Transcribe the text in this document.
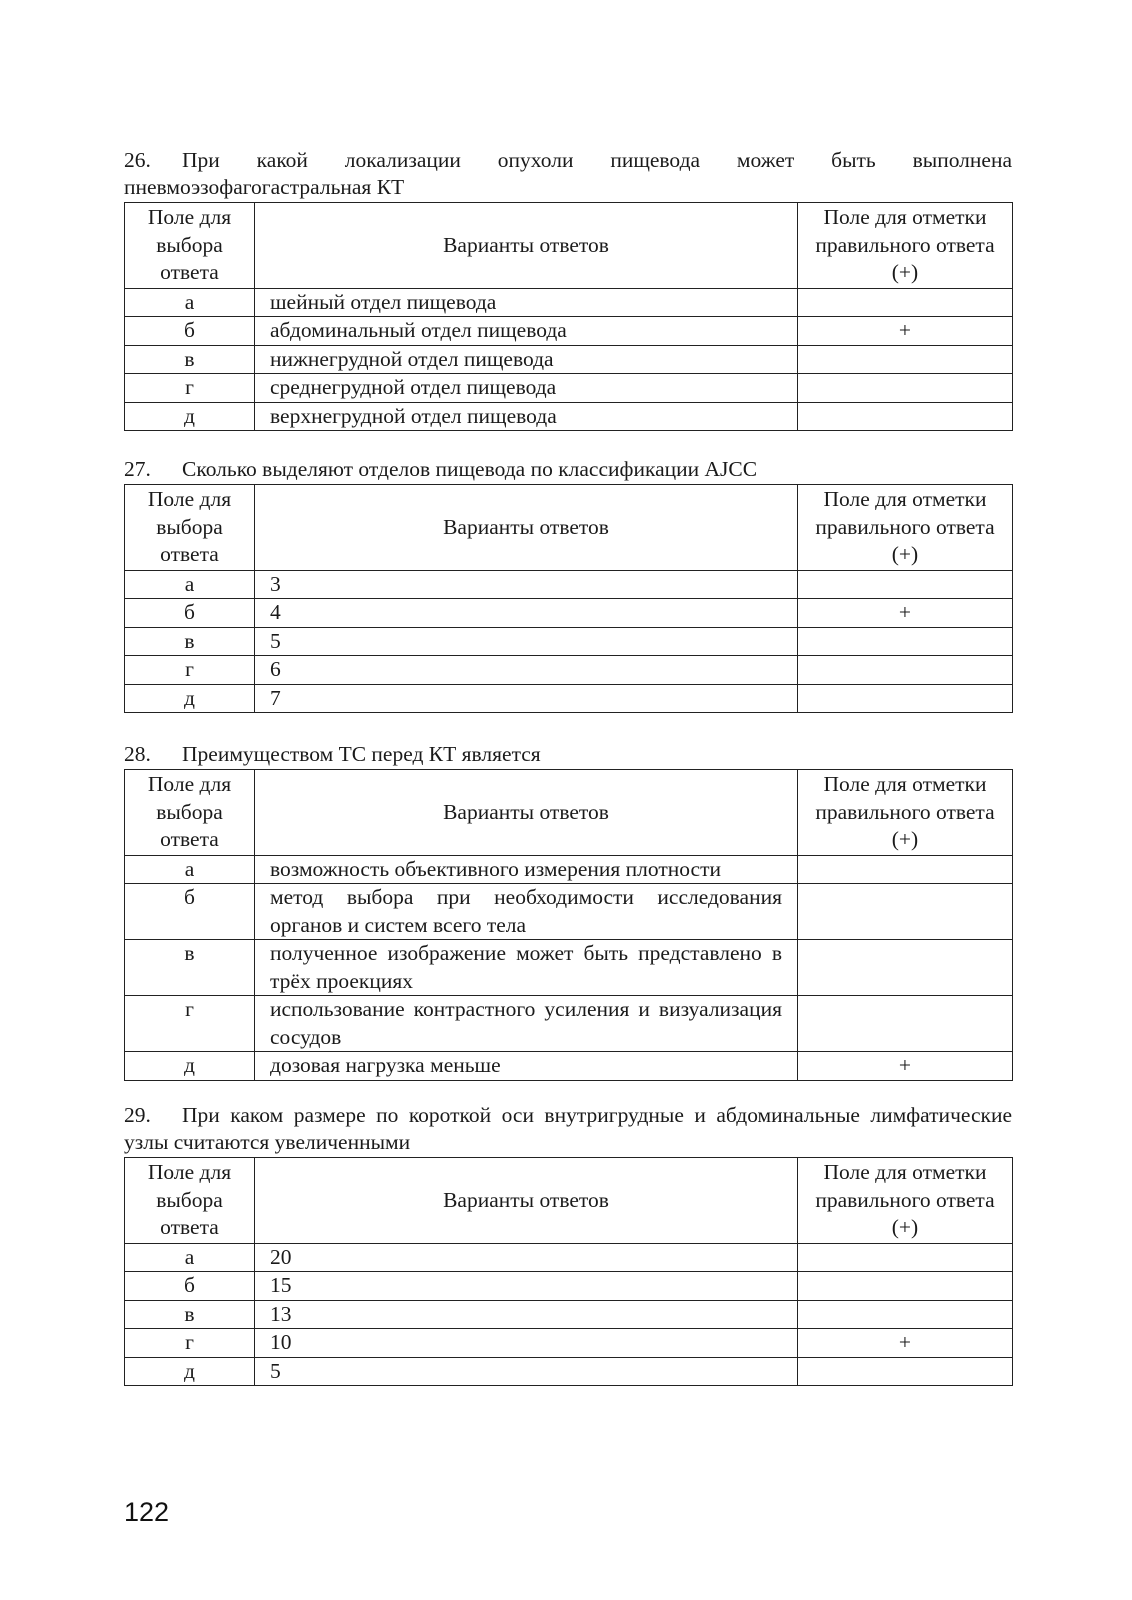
26. При какой локализации опухоли пищевода может быть выполнена пневмоэзофагогастральная КТ

Поле для выбора ответа	Варианты ответов	Поле для отметки правильного ответа (+)
а	шейный отдел пищевода	
б	абдоминальный отдел пищевода	+
в	нижнегрудной отдел пищевода	
г	среднегрудной отдел пищевода	
д	верхнегрудной отдел пищевода	

27. Сколько выделяют отделов пищевода по классификации AJCC

Поле для выбора ответа	Варианты ответов	Поле для отметки правильного ответа (+)
а	3	
б	4	+
в	5	
г	6	
д	7	

28. Преимуществом ТС перед КТ является

Поле для выбора ответа	Варианты ответов	Поле для отметки правильного ответа (+)
а	возможность объективного измерения плотности	
б	метод выбора при необходимости исследования органов и систем всего тела	
в	полученное изображение может быть представлено в трёх проекциях	
г	использование контрастного усиления и визуализация сосудов	
д	дозовая нагрузка меньше	+

29. При каком размере по короткой оси внутригрудные и абдоминальные лимфатические узлы считаются увеличенными

Поле для выбора ответа	Варианты ответов	Поле для отметки правильного ответа (+)
а	20	
б	15	
в	13	
г	10	+
д	5	
122
